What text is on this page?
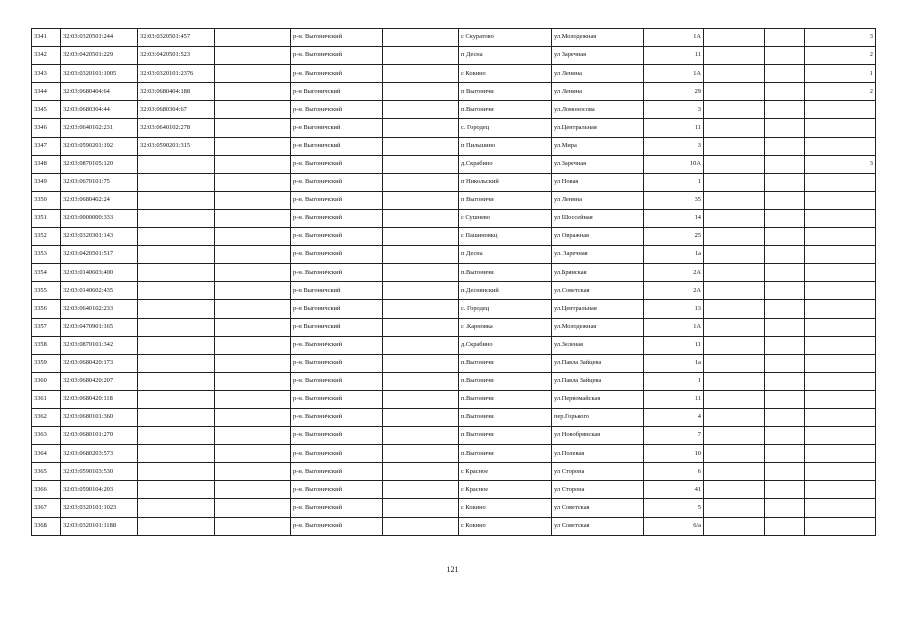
3341	32:03:0320501:244	32:03:0320501:457		р-н. Выгоничский		с Скуратово	ул.Молодежная	1А			3
3342	32:03:0420501:229	32:03:0420501:523		р-н. Выгоничский		п Десна	ул Заречная	11			2
3343	32:03:0320101:1005	32:03:0320101:2376		р-н. Выгоничский		с Кокино	ул Ленина	1А			1
3344	32:03:0680404:64	32:03:0680404:188		р-н Выгоничский		п Выгоничи	ул Ленина	29			2
3345	32:03:0680304:44	32:03:0680304:67		р-н. Выгоничский		п.Выгоничи	ул.Ломоносова	3			
3346	32:03:0640102:231	32:03:0640102:278		р-н Выгоничский		с. Городец	ул.Центральная	11			
3347	32:03:0590201:192	32:03:0590201:315		р-н Выгоничский		п Пильшино	ул.Мира	3			
3348	32:03:0870105:120			р-н. Выгоничский		д.Скрабино	ул.Заречная	10А			3
3349	32:03:0670101:75			р-н. Выгоничский		п Никольский	ул Новая	1			
3350	32:03:0680402:24			р-н. Выгоничский		п Выгоничи	ул Ленина	35			
3351	32:03:0000000:333			р-н. Выгоничский		с Сушнево	ул Шоссейная	14			
3352	32:03:0320301:143			р-н. Выгоничский		с Пашиновкц	ул Овражная	25			
3353	32:03:0420501:517			р-н. Выгоничский		п Десна	ул. Заречная	1а			
3354	32:03:0140603:400			р-н. Выгоничский		п.Выгоничи	ул.Брянская	2А			
3355	32:03:0140602:435			р-н Выгоничский		п.Деснянский	ул.Советская	2А			
3356	32:03:0640102:233			р-н Выгоничский		с. Городец	ул.Центральная	13			
3357	32:03:0470901:165			р-н Выгоничский		с .Карновка	ул.Молодежная	1А			
3358	32:03:0870101:342			р-н. Выгоничский		д.Скрабино	ул.Зеленая	11			
3359	32:03:0680420:173			р-н. Выгоничский		п.Выгоничи	ул.Павла Зайцева	1а			
3360	32:03:0680420:207			р-н. Выгоничский		п.Выгоничи	ул.Павла Зайцева	1			
3361	32:03:0680420:118			р-н. Выгоничский		п.Выгоничи	ул.Первомайская	11			
3362	32:03:0680101:360			р-н. Выгоничский		п.Выгоничи	пер.Горького	4			
3363	32:03:0680101:270			р-н. Выгоничский		п Выгоничи	ул Новобрянская	7			
3364	32:03:0680203:573			р-н. Выгоничский		п.Выгоничи	ул.Полевая	10			
3365	32:03:0590103:530			р-н. Выгоничский		с Красное	ул Сторона	6			
3366	32:03:0590104:203			р-н. Выгоничский		с Красное	ул Сторона	41			
3367	32:03:0320101:1023			р-н. Выгоничский		с Кокино	ул Советская	5			
3368	32:03:0320101:1188			р-н. Выгоничский		с Кокино	ул Советская	6/a			
121
